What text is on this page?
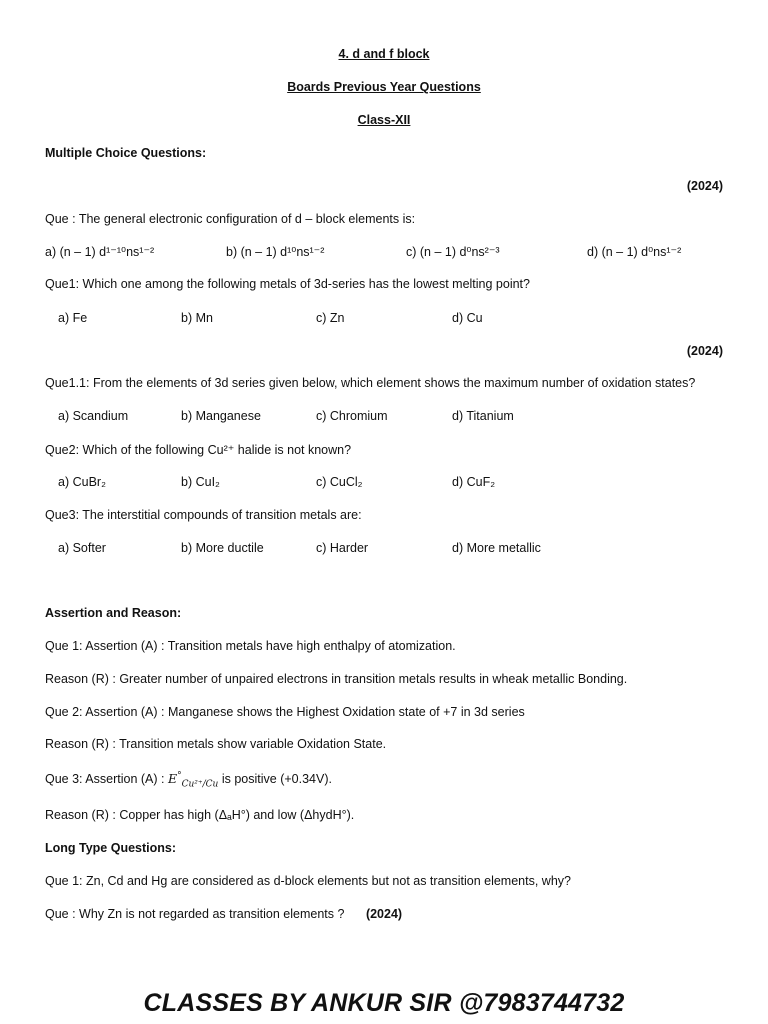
4. d and f block
Boards Previous Year Questions
Class-XII
Multiple Choice Questions:
(2024)
Que : The general electronic configuration of d – block elements is:
a) (n – 1) d¹⁻¹⁰ns¹⁻²	b) (n – 1) d¹⁰ns¹⁻²	c) (n – 1) d⁰ns²⁻³	d) (n – 1) d⁰ns¹⁻²
Que1: Which one among the following metals of 3d-series has the lowest melting point?
a) Fe	b) Mn	c) Zn	d) Cu
(2024)
Que1.1: From the elements of 3d series given below, which element shows the maximum number of oxidation states?
a) Scandium	b) Manganese	c) Chromium	d) Titanium
Que2: Which of the following Cu²⁺ halide is not known?
a) CuBr₂	b) CuI₂	c) CuCl₂	d) CuF₂
Que3: The interstitial compounds of transition metals are:
a) Softer	b) More ductile	c) Harder	d) More metallic
Assertion and Reason:
Que 1: Assertion (A) : Transition metals have high enthalpy of atomization.
Reason (R) : Greater number of unpaired electrons in transition metals results in wheak metallic Bonding.
Que 2: Assertion (A) : Manganese shows the Highest Oxidation state of +7 in 3d series
Reason (R) : Transition metals show variable Oxidation State.
Que 3: Assertion (A) : $E^\circ_{Cu^{2+}/Cu}$ is positive (+0.34V).
Reason (R) : Copper has high (ΔₐH°) and low (ΔhydH°).
Long Type Questions:
Que 1: Zn, Cd and Hg are considered as d-block elements but not as transition elements, why?
Que : Why Zn is not regarded as transition elements ? (2024)
CLASSES BY ANKUR SIR @7983744732
